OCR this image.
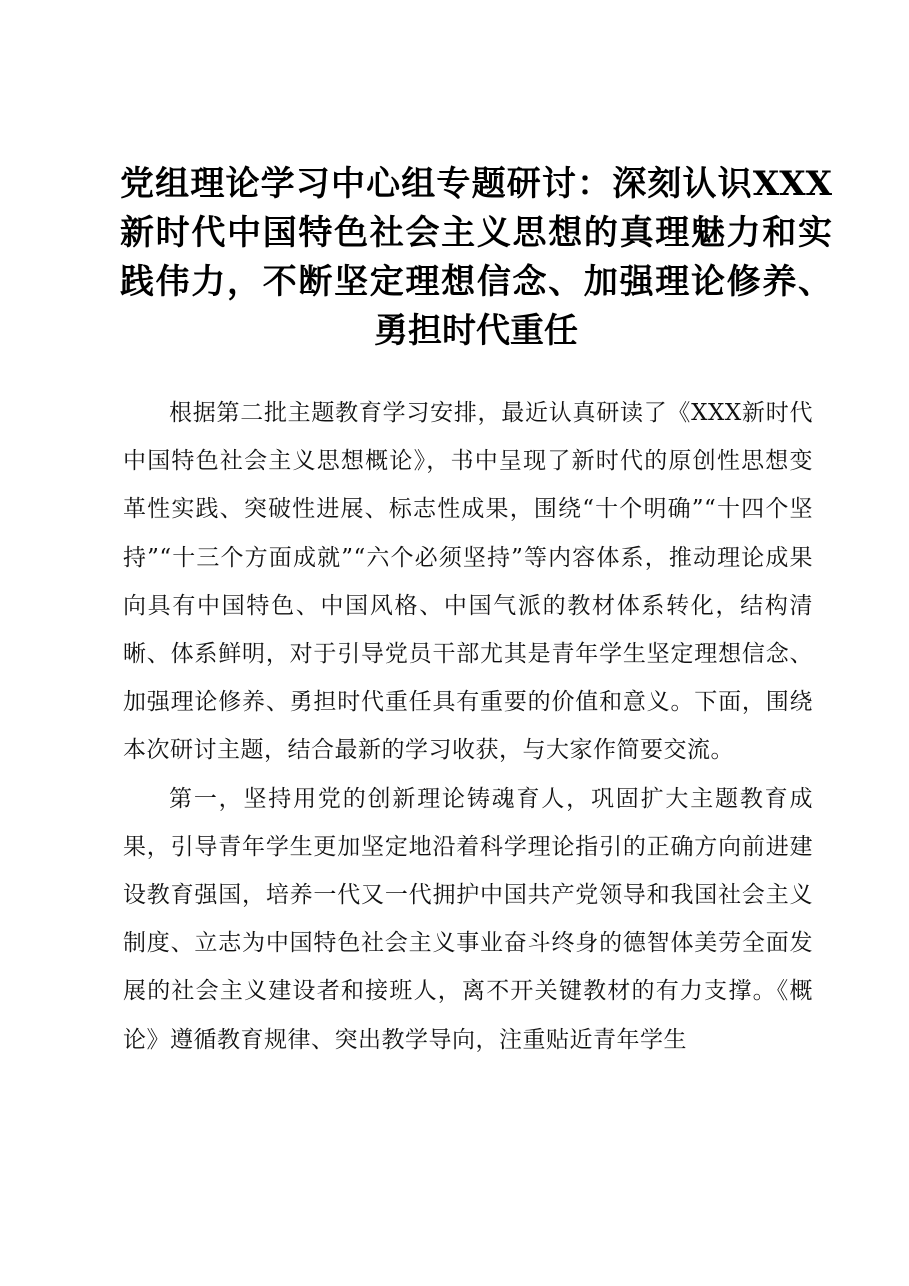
党组理论学习中心组专题研讨：深刻认识XXX新时代中国特色社会主义思想的真理魅力和实践伟力，不断坚定理想信念、加强理论修养、勇担时代重任

根据第二批主题教育学习安排，最近认真研读了《XXX新时代中国特色社会主义思想概论》，书中呈现了新时代的原创性思想变革性实践、突破性进展、标志性成果，围绕“十个明确”“十四个坚持”“十三个方面成就”“六个必须坚持”等内容体系，推动理论成果向具有中国特色、中国风格、中国气派的教材体系转化，结构清晰、体系鲜明，对于引导党员干部尤其是青年学生坚定理想信念、加强理论修养、勇担时代重任具有重要的价值和意义。下面，围绕本次研讨主题，结合最新的学习收获，与大家作简要交流。

第一，坚持用党的创新理论铸魂育人，巩固扩大主题教育成果，引导青年学生更加坚定地沿着科学理论指引的正确方向前进建设教育强国，培养一代又一代拥护中国共产党领导和我国社会主义制度、立志为中国特色社会主义事业奋斗终身的德智体美劳全面发展的社会主义建设者和接班人，离不开关键教材的有力支撑。《概论》遵循教育规律、突出教学导向，注重贴近青年学生
